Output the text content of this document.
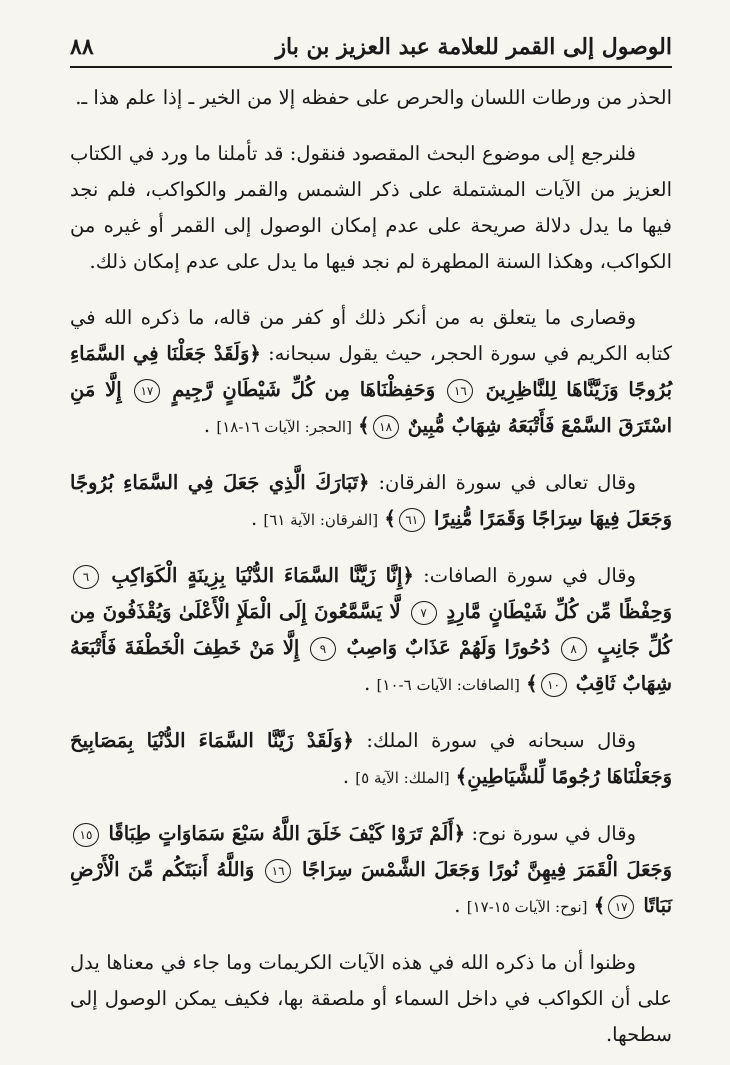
الوصول إلى القمر للعلامة عبد العزيز بن باز
٨٨

الحذر من ورطات اللسان والحرص على حفظه إلا من الخير ـ إذا علم هذا ـ.

فلنرجع إلى موضوع البحث المقصود فنقول: قد تأملنا ما ورد في الكتاب العزيز من الآيات المشتملة على ذكر الشمس والقمر والكواكب، فلم نجد فيها ما يدل دلالة صريحة على عدم إمكان الوصول إلى القمر أو غيره من الكواكب، وهكذا السنة المطهرة لم نجد فيها ما يدل على عدم إمكان ذلك.

وقصارى ما يتعلق به من أنكر ذلك أو كفر من قاله، ما ذكره الله في كتابه الكريم في سورة الحجر، حيث يقول سبحانه: ﴿وَلَقَدْ جَعَلْنَا فِي السَّمَاءِ بُرُوجًا وَزَيَّنَّاهَا لِلنَّاظِرِينَ ١٦ وَحَفِظْنَاهَا مِن كُلِّ شَيْطَانٍ رَّجِيمٍ ١٧ إِلَّا مَنِ اسْتَرَقَ السَّمْعَ فَأَتْبَعَهُ شِهَابٌ مُّبِينٌ ١٨﴾ [الحجر: الآيات ١٦-١٨] .

وقال تعالى في سورة الفرقان: ﴿تَبَارَكَ الَّذِي جَعَلَ فِي السَّمَاءِ بُرُوجًا وَجَعَلَ فِيهَا سِرَاجًا وَقَمَرًا مُّنِيرًا ٦١﴾ [الفرقان: الآية ٦١] .

وقال في سورة الصافات: ﴿إِنَّا زَيَّنَّا السَّمَاءَ الدُّنْيَا بِزِينَةٍ الْكَوَاكِبِ ٦ وَحِفْظًا مِّن كُلِّ شَيْطَانٍ مَّارِدٍ ٧ لَّا يَسَّمَّعُونَ إِلَى الْمَلَإِ الْأَعْلَىٰ وَيُقْذَفُونَ مِن كُلِّ جَانِبٍ ٨ دُحُورًا وَلَهُمْ عَذَابٌ وَاصِبٌ ٩ إِلَّا مَنْ خَطِفَ الْخَطْفَةَ فَأَتْبَعَهُ شِهَابٌ ثَاقِبٌ ١٠﴾ [الصافات: الآيات ٦-١٠] .

وقال سبحانه في سورة الملك: ﴿وَلَقَدْ زَيَّنَّا السَّمَاءَ الدُّنْيَا بِمَصَابِيحَ وَجَعَلْنَاهَا رُجُومًا لِّلشَّيَاطِينِ﴾ [الملك: الآية ٥] .

وقال في سورة نوح: ﴿أَلَمْ تَرَوْا كَيْفَ خَلَقَ اللَّهُ سَبْعَ سَمَاوَاتٍ طِبَاقًا ١٥ وَجَعَلَ الْقَمَرَ فِيهِنَّ نُورًا وَجَعَلَ الشَّمْسَ سِرَاجًا ١٦ وَاللَّهُ أَنبَتَكُم مِّنَ الْأَرْضِ نَبَاتًا ١٧﴾ [نوح: الآيات ١٥-١٧] .

وظنوا أن ما ذكره الله في هذه الآيات الكريمات وما جاء في معناها يدل على أن الكواكب في داخل السماء أو ملصقة بها، فكيف يمكن الوصول إلى سطحها.
